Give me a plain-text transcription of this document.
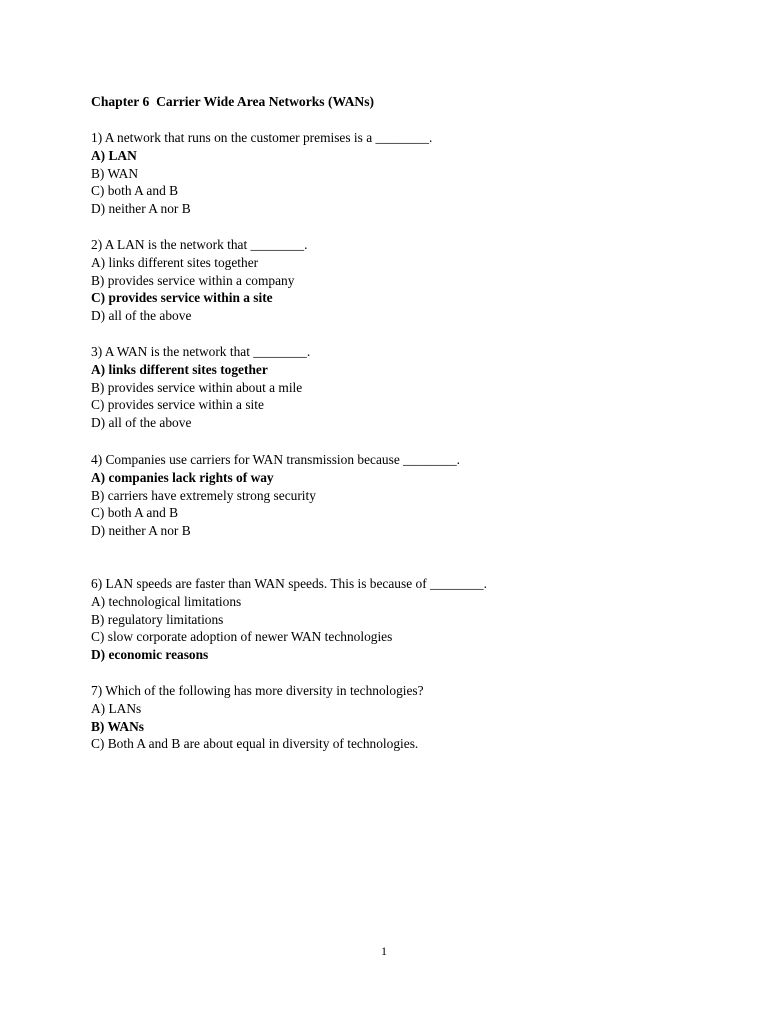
Chapter 6  Carrier Wide Area Networks (WANs)
1) A network that runs on the customer premises is a ________.
A) LAN
B) WAN
C) both A and B
D) neither A nor B
2) A LAN is the network that ________.
A) links different sites together
B) provides service within a company
C) provides service within a site
D) all of the above
3) A WAN is the network that ________.
A) links different sites together
B) provides service within about a mile
C) provides service within a site
D) all of the above
4) Companies use carriers for WAN transmission because ________.
A) companies lack rights of way
B) carriers have extremely strong security
C) both A and B
D) neither A nor B
6) LAN speeds are faster than WAN speeds. This is because of ________.
A) technological limitations
B) regulatory limitations
C) slow corporate adoption of newer WAN technologies
D) economic reasons
7) Which of the following has more diversity in technologies?
A) LANs
B) WANs
C) Both A and B are about equal in diversity of technologies.
1
